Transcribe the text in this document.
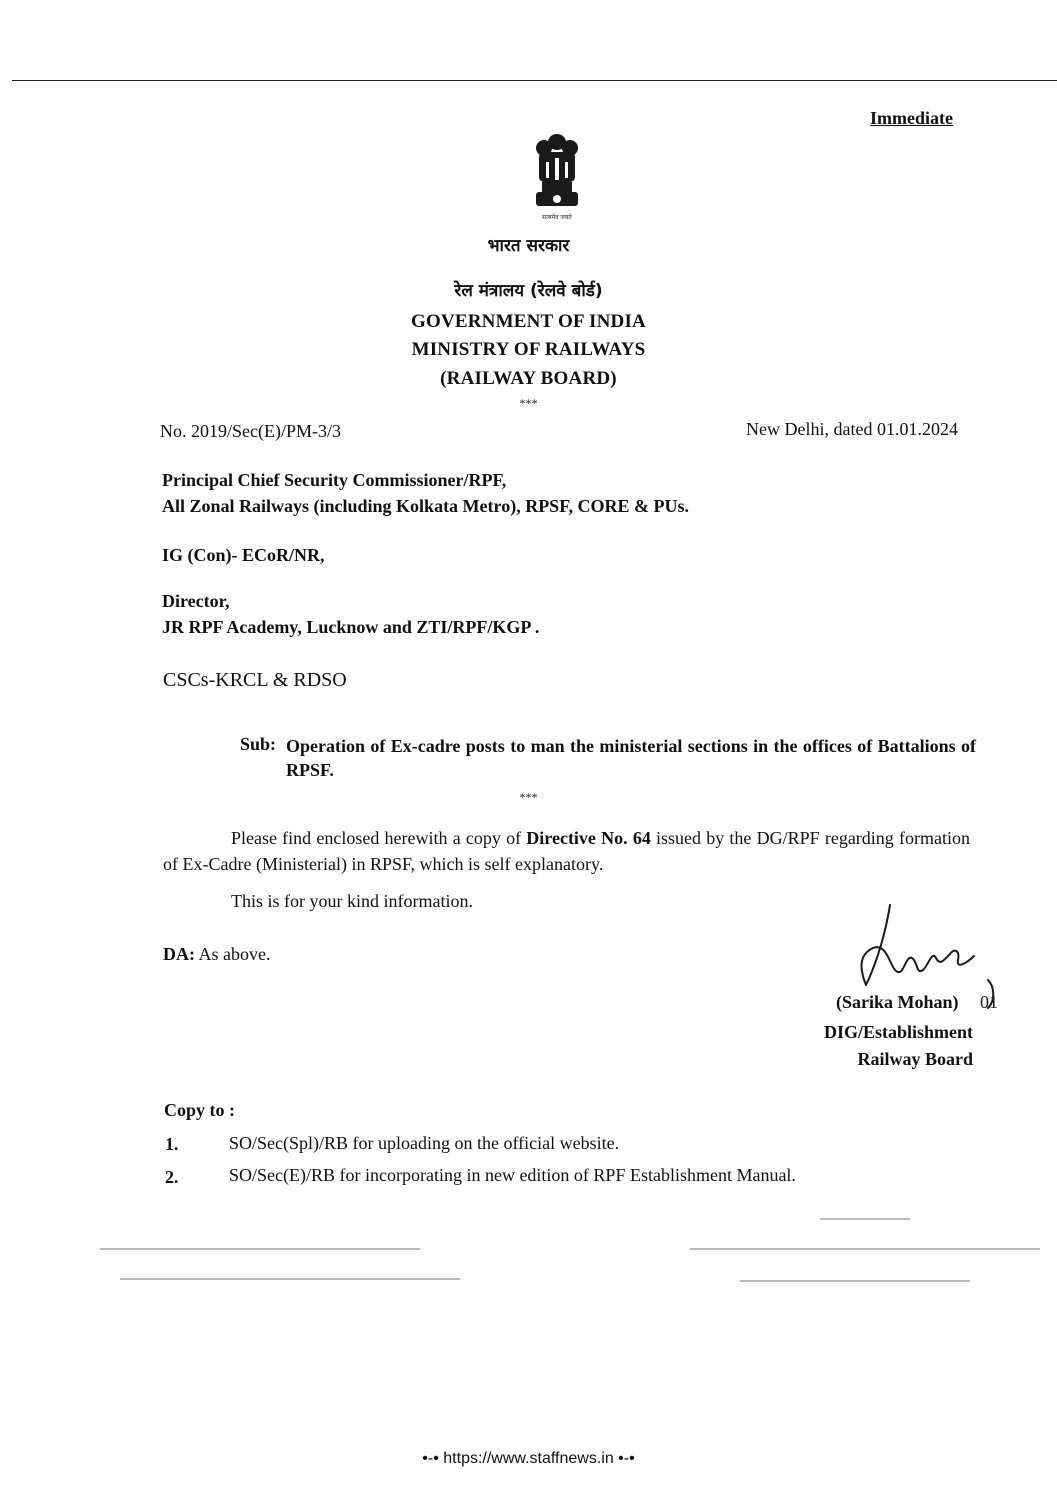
Immediate
सत्यमेव जयते
भारत सरकार
रेल मंत्रालय (रेलवे बोर्ड)
GOVERNMENT OF INDIA
MINISTRY OF RAILWAYS
(RAILWAY BOARD)
***
No. 2019/Sec(E)/PM-3/3	New Delhi, dated 01.01.2024
Principal Chief Security Commissioner/RPF,
All Zonal Railways (including Kolkata Metro), RPSF, CORE & PUs.
IG (Con)- ECoR/NR,
Director,
JR RPF Academy, Lucknow and ZTI/RPF/KGP .
CSCs-KRCL & RDSO
Sub: Operation of Ex-cadre posts to man the ministerial sections in the offices of Battalions of RPSF.
***
Please find enclosed herewith a copy of Directive No. 64 issued by the DG/RPF regarding formation of Ex-Cadre (Ministerial) in RPSF, which is self explanatory.
This is for your kind information.
DA: As above.
01
(Sarika Mohan)
DIG/Establishment
Railway Board
Copy to :
1.	SO/Sec(Spl)/RB for uploading on the official website.
2.	SO/Sec(E)/RB for incorporating in new edition of RPF Establishment Manual.
•-• https://www.staffnews.in •-•
